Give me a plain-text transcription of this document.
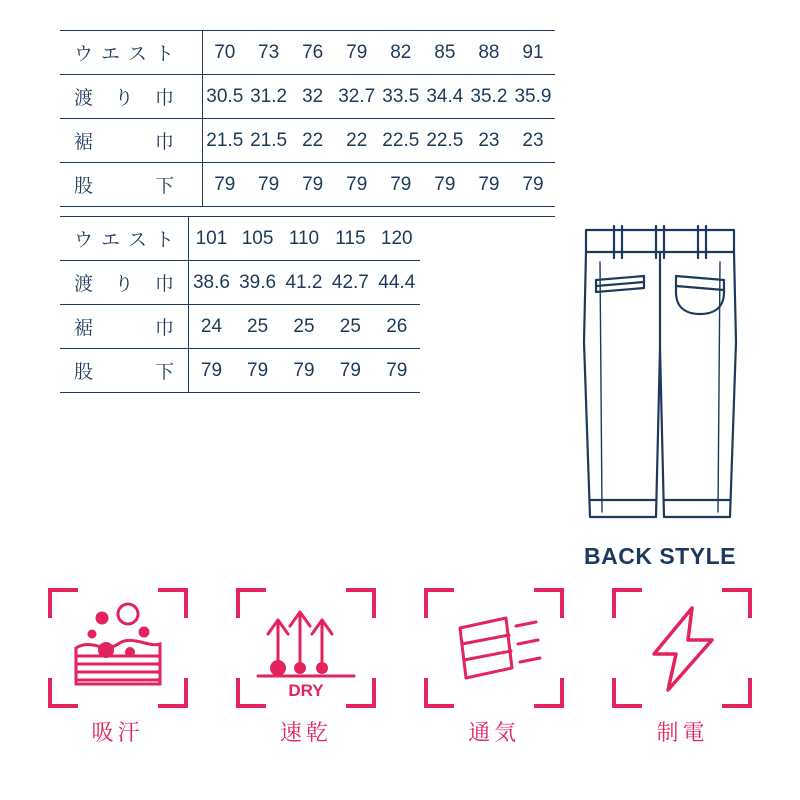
ウエスト	70	73	76	79	82	85	88	91
渡り巾	30.5	31.2	32	32.7	33.5	34.4	35.2	35.9
裾巾	21.5	21.5	22	22	22.5	22.5	23	23
股下	79	79	79	79	79	79	79	79
ウエスト	101	105	110	115	120			
渡り巾	38.6	39.6	41.2	42.7	44.4			
裾巾	24	25	25	25	26			
股下	79	79	79	79	79			
BACK STYLE
吸汗
DRY
速乾	通気	制電
